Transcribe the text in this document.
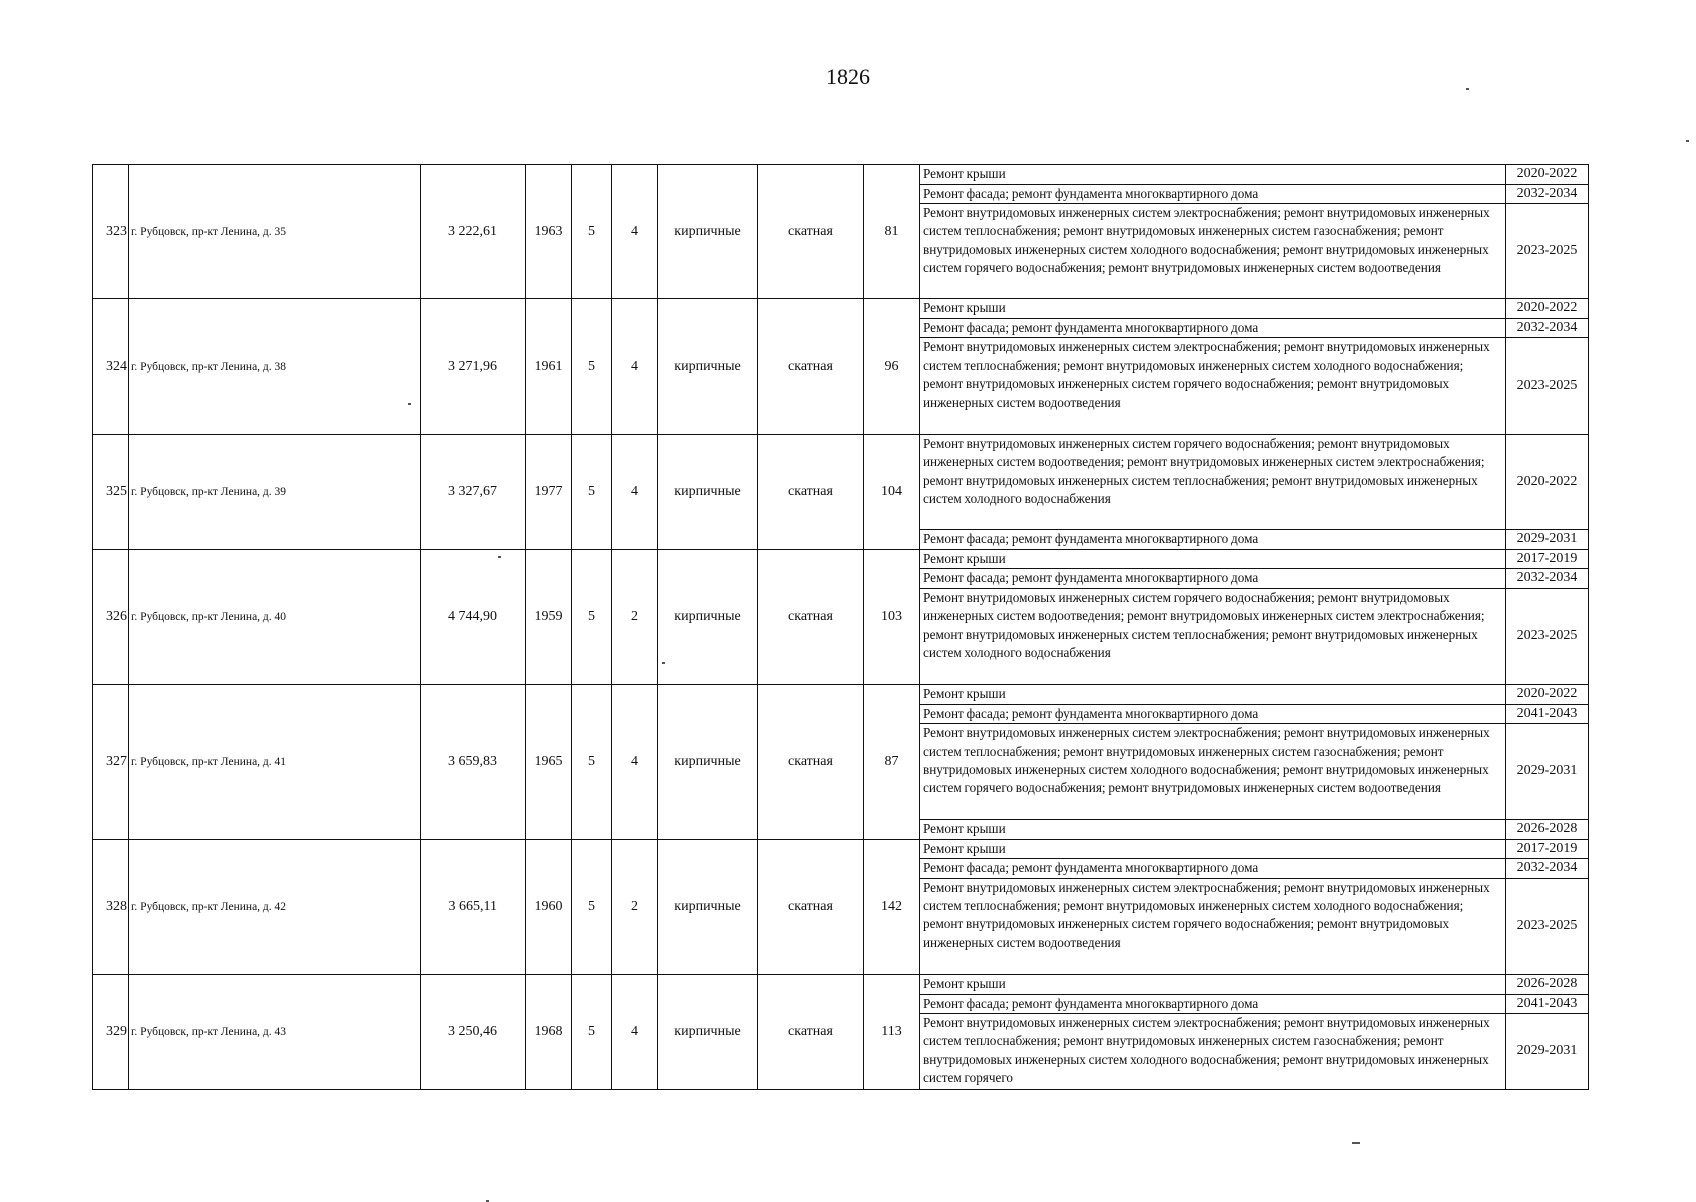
1826
323	г. Рубцовск, пр-кт Ленина, д. 35	3 222,61	1963	5	4	кирпичные	скатная	81	
Ремонт крыши	2020-2022
Ремонт фасада; ремонт фундамента многоквартирного дома	2032-2034
Ремонт внутридомовых инженерных систем электроснабжения; ремонт внутридомовых инженерных систем теплоснабжения; ремонт внутридомовых инженерных систем газоснабжения; ремонт внутридомовых инженерных систем холодного водоснабжения; ремонт внутридомовых инженерных систем горячего водоснабжения; ремонт внутридомовых инженерных систем водоотведения	2023-2025

324	г. Рубцовск, пр-кт Ленина, д. 38	3 271,96	1961	5	4	кирпичные	скатная	96	
Ремонт крыши	2020-2022
Ремонт фасада; ремонт фундамента многоквартирного дома	2032-2034
Ремонт внутридомовых инженерных систем электроснабжения; ремонт внутридомовых инженерных систем теплоснабжения; ремонт внутридомовых инженерных систем холодного водоснабжения; ремонт внутридомовых инженерных систем горячего водоснабжения; ремонт внутридомовых инженерных систем водоотведения	2023-2025

325	г. Рубцовск, пр-кт Ленина, д. 39	3 327,67	1977	5	4	кирпичные	скатная	104	
Ремонт внутридомовых инженерных систем горячего водоснабжения; ремонт внутридомовых инженерных систем водоотведения; ремонт внутридомовых инженерных систем электроснабжения; ремонт внутридомовых инженерных систем теплоснабжения; ремонт внутридомовых инженерных систем холодного водоснабжения	2020-2022
Ремонт фасада; ремонт фундамента многоквартирного дома	2029-2031

326	г. Рубцовск, пр-кт Ленина, д. 40	4 744,90	1959	5	2	кирпичные	скатная	103	
Ремонт крыши	2017-2019
Ремонт фасада; ремонт фундамента многоквартирного дома	2032-2034
Ремонт внутридомовых инженерных систем горячего водоснабжения; ремонт внутридомовых инженерных систем водоотведения; ремонт внутридомовых инженерных систем электроснабжения; ремонт внутридомовых инженерных систем теплоснабжения; ремонт внутридомовых инженерных систем холодного водоснабжения	2023-2025

327	г. Рубцовск, пр-кт Ленина, д. 41	3 659,83	1965	5	4	кирпичные	скатная	87	
Ремонт крыши	2020-2022
Ремонт фасада; ремонт фундамента многоквартирного дома	2041-2043
Ремонт внутридомовых инженерных систем электроснабжения; ремонт внутридомовых инженерных систем теплоснабжения; ремонт внутридомовых инженерных систем газоснабжения; ремонт внутридомовых инженерных систем холодного водоснабжения; ремонт внутридомовых инженерных систем горячего водоснабжения; ремонт внутридомовых инженерных систем водоотведения	2029-2031
Ремонт крыши	2026-2028

328	г. Рубцовск, пр-кт Ленина, д. 42	3 665,11	1960	5	2	кирпичные	скатная	142	
Ремонт крыши	2017-2019
Ремонт фасада; ремонт фундамента многоквартирного дома	2032-2034
Ремонт внутридомовых инженерных систем электроснабжения; ремонт внутридомовых инженерных систем теплоснабжения; ремонт внутридомовых инженерных систем холодного водоснабжения; ремонт внутридомовых инженерных систем горячего водоснабжения; ремонт внутридомовых инженерных систем водоотведения	2023-2025

329	г. Рубцовск, пр-кт Ленина, д. 43	3 250,46	1968	5	4	кирпичные	скатная	113	
Ремонт крыши	2026-2028
Ремонт фасада; ремонт фундамента многоквартирного дома	2041-2043
Ремонт внутридомовых инженерных систем электроснабжения; ремонт внутридомовых инженерных систем теплоснабжения; ремонт внутридомовых инженерных систем газоснабжения; ремонт внутридомовых инженерных систем холодного водоснабжения; ремонт внутридомовых инженерных систем горячего	2029-2031
